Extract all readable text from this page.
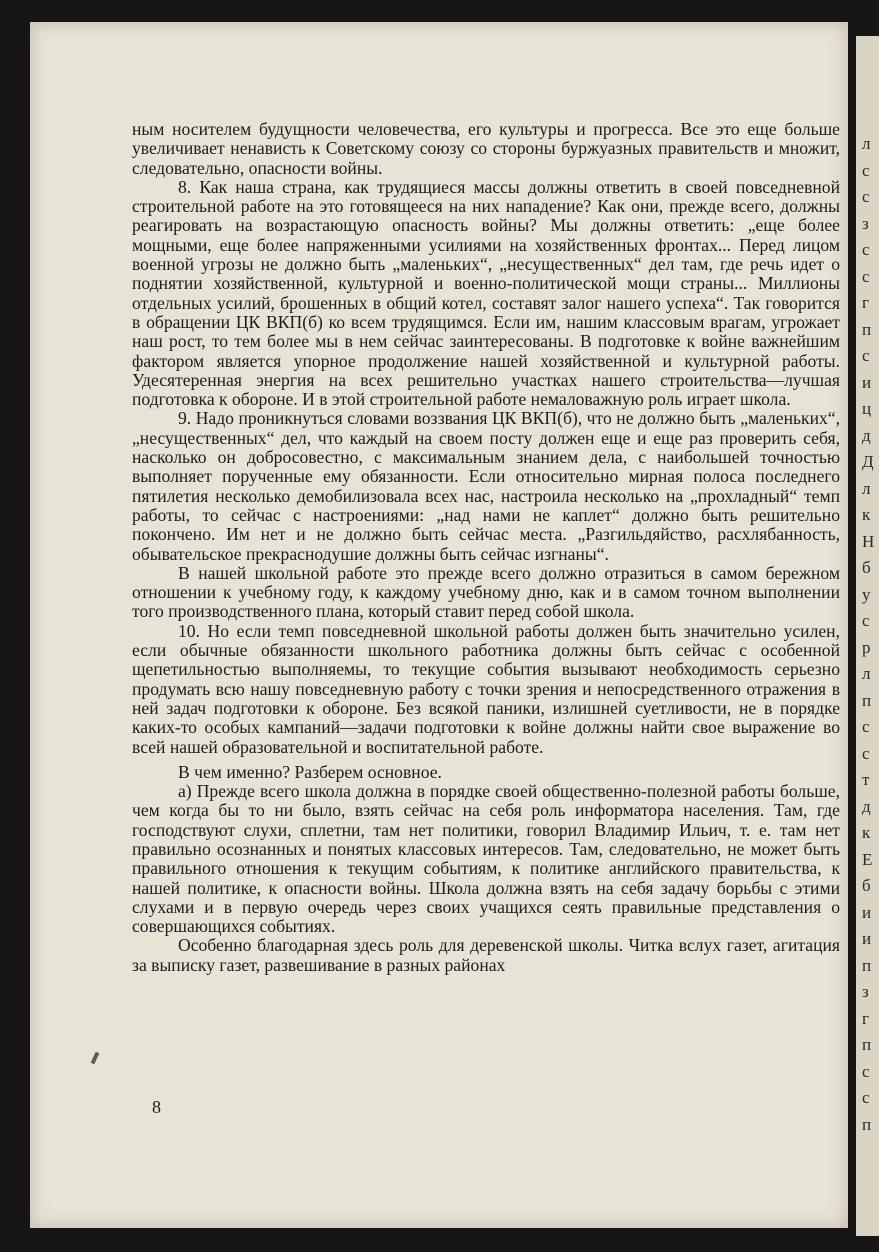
л
с
с
з
с
с
г
п
с
и
ц
д
Д
л
к
Н
б
у
с
р
л
п
с
с
т
д
к
Е
б
и
и
п
з
г
п
с
с
п

ным носителем будущности человечества, его культуры и прогресса. Все это еще больше увеличивает ненависть к Советскому союзу со стороны буржуазных правительств и множит, следовательно, опасности войны.

8. Как наша страна, как трудящиеся массы должны ответить в своей повседневной строительной работе на это готовящееся на них нападение? Как они, прежде всего, должны реагировать на возрастающую опасность войны? Мы должны ответить: „еще более мощными, еще более напряженными усилиями на хозяйственных фронтах... Перед лицом военной угрозы не должно быть „маленьких“, „несущественных“ дел там, где речь идет о поднятии хозяйственной, культурной и военно-политической мощи страны... Миллионы отдельных усилий, брошенных в общий котел, составят залог нашего успеха“. Так говорится в обращении ЦК ВКП(б) ко всем трудящимся. Если им, нашим классовым врагам, угрожает наш рост, то тем более мы в нем сейчас заинтересованы. В подготовке к войне важнейшим фактором является упорное продолжение нашей хозяйственной и культурной работы. Удесятеренная энергия на всех решительно участках нашего строительства—лучшая подготовка к обороне. И в этой строительной работе немаловажную роль играет школа.

9. Надо проникнуться словами воззвания ЦК ВКП(б), что не должно быть „маленьких“, „несущественных“ дел, что каждый на своем посту должен еще и еще раз проверить себя, насколько он добросовестно, с максимальным знанием дела, с наибольшей точностью выполняет порученные ему обязанности. Если относительно мирная полоса последнего пятилетия несколько демобилизовала всех нас, настроила несколько на „прохладный“ темп работы, то сейчас с настроениями: „над нами не каплет“ должно быть решительно покончено. Им нет и не должно быть сейчас места. „Разгильдяйство, расхлябанность, обывательское прекраснодушие должны быть сейчас изгнаны“.

В нашей школьной работе это прежде всего должно отразиться в самом бережном отношении к учебному году, к каждому учебному дню, как и в самом точном выполнении того производственного плана, который ставит перед собой школа.

10. Но если темп повседневной школьной работы должен быть значительно усилен, если обычные обязанности школьного работника должны быть сейчас с особенной щепетильностью выполняемы, то текущие события вызывают необходимость серьезно продумать всю нашу повседневную работу с точки зрения и непосредственного отражения в ней задач подготовки к обороне. Без всякой паники, излишней суетливости, не в порядке каких-то особых кампаний—задачи подготовки к войне должны найти свое выражение во всей нашей образовательной и воспитательной работе.

В чем именно? Разберем основное.

а) Прежде всего школа должна в порядке своей общественно-полезной работы больше, чем когда бы то ни было, взять сейчас на себя роль информатора населения. Там, где господствуют слухи, сплетни, там нет политики, говорил Владимир Ильич, т. е. там нет правильно осознанных и понятых классовых интересов. Там, следовательно, не может быть правильного отношения к текущим событиям, к политике английского правительства, к нашей политике, к опасности войны. Школа должна взять на себя задачу борьбы с этими слухами и в первую очередь через своих учащихся сеять правильные представления о совершающихся событиях.

Особенно благодарная здесь роль для деревенской школы. Читка вслух газет, агитация за выписку газет, развешивание в разных районах

8
